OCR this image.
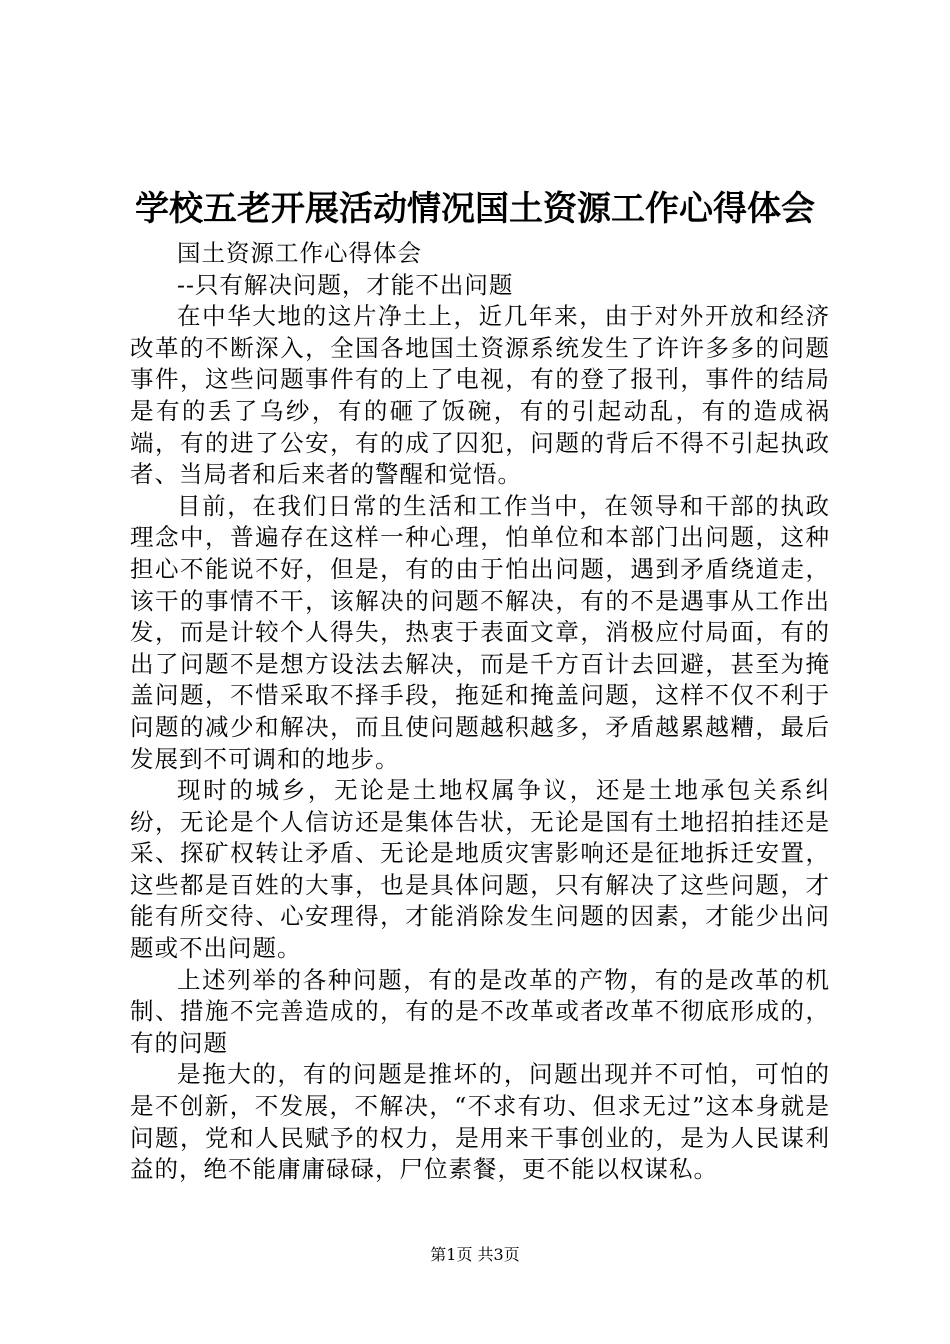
学校五老开展活动情况国土资源工作心得体会

国土资源工作心得体会

--只有解决问题，才能不出问题

在中华大地的这片净土上，近几年来，由于对外开放和经济改革的不断深入，全国各地国土资源系统发生了许许多多的问题事件，这些问题事件有的上了电视，有的登了报刊，事件的结局是有的丢了乌纱，有的砸了饭碗，有的引起动乱，有的造成祸端，有的进了公安，有的成了囚犯，问题的背后不得不引起执政者、当局者和后来者的警醒和觉悟。

目前，在我们日常的生活和工作当中，在领导和干部的执政理念中，普遍存在这样一种心理，怕单位和本部门出问题，这种担心不能说不好，但是，有的由于怕出问题，遇到矛盾绕道走，该干的事情不干，该解决的问题不解决，有的不是遇事从工作出发，而是计较个人得失，热衷于表面文章，消极应付局面，有的出了问题不是想方设法去解决，而是千方百计去回避，甚至为掩盖问题，不惜采取不择手段，拖延和掩盖问题，这样不仅不利于问题的减少和解决，而且使问题越积越多，矛盾越累越糟，最后发展到不可调和的地步。

现时的城乡，无论是土地权属争议，还是土地承包关系纠纷，无论是个人信访还是集体告状，无论是国有土地招拍挂还是采、探矿权转让矛盾、无论是地质灾害影响还是征地拆迁安置，这些都是百姓的大事，也是具体问题，只有解决了这些问题，才能有所交待、心安理得，才能消除发生问题的因素，才能少出问题或不出问题。

上述列举的各种问题，有的是改革的产物，有的是改革的机制、措施不完善造成的，有的是不改革或者改革不彻底形成的，有的问题

是拖大的，有的问题是推坏的，问题出现并不可怕，可怕的是不创新，不发展，不解决，“不求有功、但求无过”这本身就是问题，党和人民赋予的权力，是用来干事创业的，是为人民谋利益的，绝不能庸庸碌碌，尸位素餐，更不能以权谋私。

第1页 共3页
